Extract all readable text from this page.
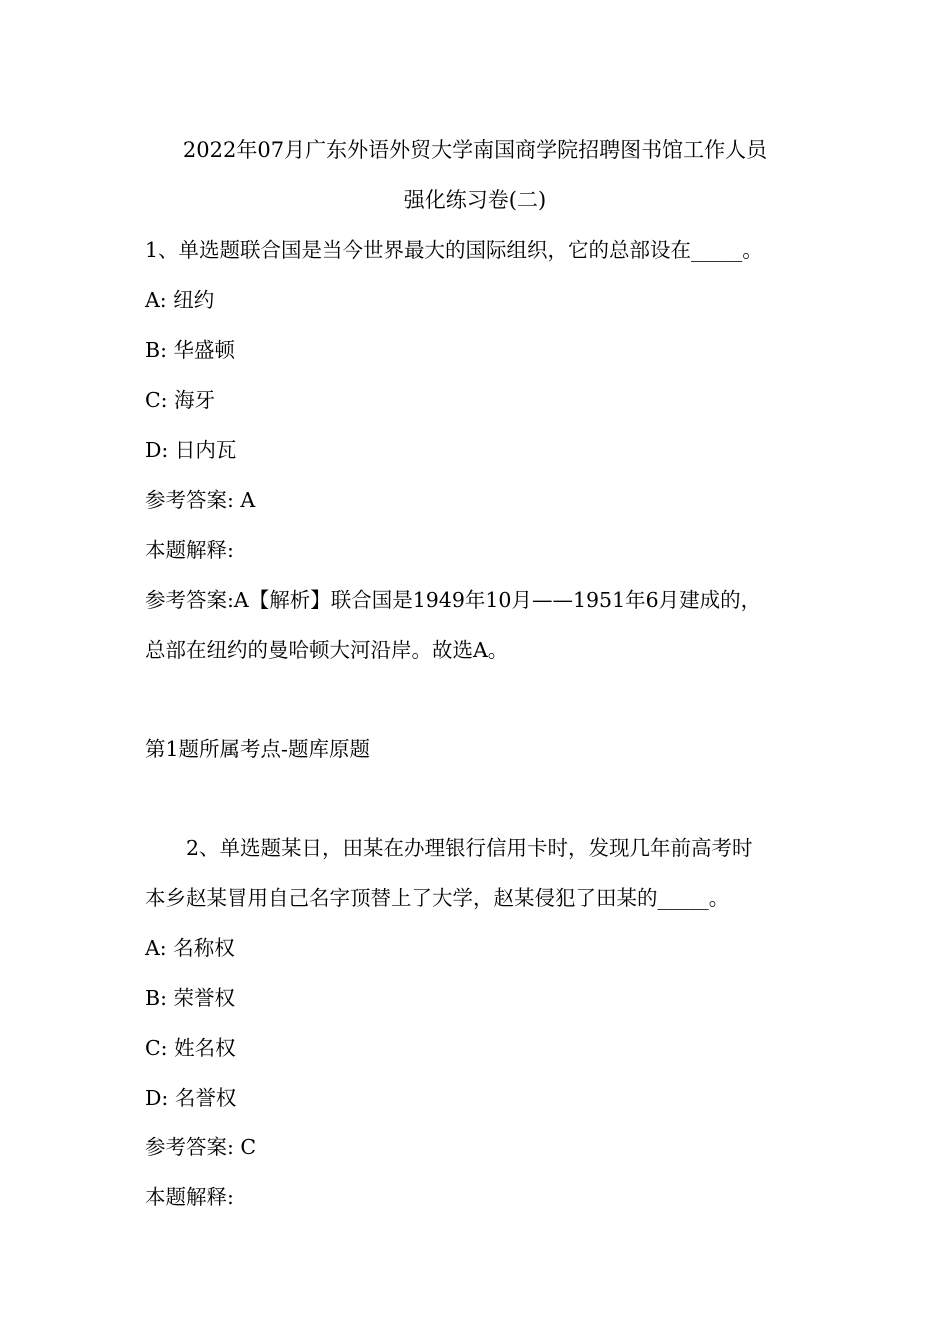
2022年07月广东外语外贸大学南国商学院招聘图书馆工作人员
强化练习卷(二)
1、单选题联合国是当今世界最大的国际组织，它的总部设在_____。
A: 纽约
B: 华盛顿
C: 海牙
D: 日内瓦
参考答案: A
本题解释:
参考答案:A【解析】联合国是1949年10月——1951年6月建成的，
总部在纽约的曼哈顿大河沿岸。故选A。
第1题所属考点-题库原题
2、单选题某日，田某在办理银行信用卡时，发现几年前高考时
本乡赵某冒用自己名字顶替上了大学，赵某侵犯了田某的_____。
A: 名称权
B: 荣誉权
C: 姓名权
D: 名誉权
参考答案: C
本题解释:
